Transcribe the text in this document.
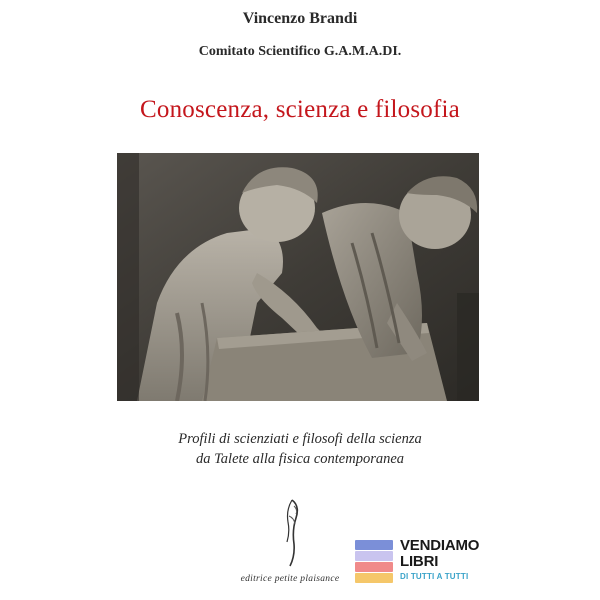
Vincenzo Brandi
Comitato Scientifico G.A.M.A.DI.
Conoscenza, scienza e filosofia
Profili di scienziati e filosofi della scienza
da Talete alla fisica contemporanea
editrice petite plaisance
VENDIAMO
LIBRI
DI TUTTI A TUTTI
